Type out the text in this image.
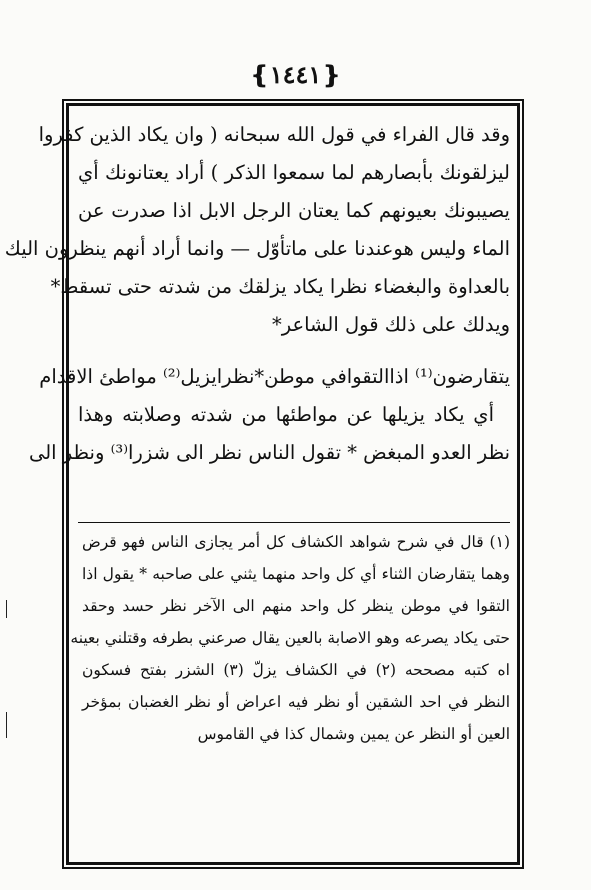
❴١٤٤١❵
وقد قال الفراء في قول الله سبحانه ( وان يكاد الذين كفروا
ليزلقونك بأبصارهم لما سمعوا الذكر ) أراد يعتانونك أي
يصيبونك بعيونهم كما يعتان الرجل الابل اذا صدرت عن
الماء وليس هوعندنا على ماتأوّل — وانما أراد أنهم ينظرون اليك
بالعداوة والبغضاء نظرا يكاد يزلقك من شدته حتى تسقط*
ويدلك على ذلك قول الشاعر*
يتقارضون⁽¹⁾ اذاالتقوافي موطن*نظرايزيل⁽²⁾ مواطئ الاقدام
أي يكاد يزيلها عن مواطئها من شدته وصلابته وهذا
نظر العدو المبغض * تقول الناس نظر الى شزرا⁽³⁾ ونظر الى
(١) قال في شرح شواهد الكشاف كل أمر يجازى الناس فهو قرض
وهما يتقارضان الثناء أي كل واحد منهما يثني على صاحبه * يقول اذا
التقوا في موطن ينظر كل واحد منهم الى الآخر نظر حسد وحقد
حتى يكاد يصرعه وهو الاصابة بالعين يقال صرعني بطرفه وقتلني بعينه
اه كتبه مصححه (٢) في الكشاف يزلّ (٣) الشزر بفتح فسكون
النظر في احد الشقين أو نظر فيه اعراض أو نظر الغضبان بمؤخر
العين أو النظر عن يمين وشمال كذا في القاموس
